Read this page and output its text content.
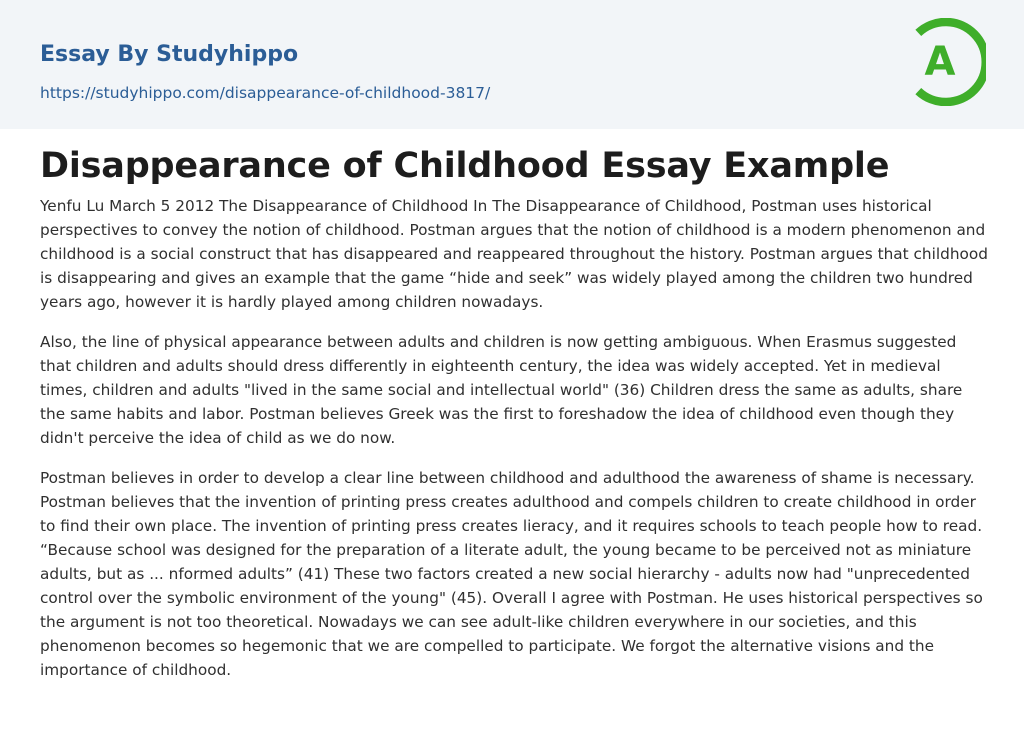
Essay By Studyhippo
https://studyhippo.com/disappearance-of-childhood-3817/
A
Disappearance of Childhood Essay Example

Yenfu Lu March 5 2012 The Disappearance of Childhood In The Disappearance of Childhood, Postman uses historical perspectives to convey the notion of childhood. Postman argues that the notion of childhood is a modern phenomenon and childhood is a social construct that has disappeared and reappeared throughout the history. Postman argues that childhood is disappearing and gives an example that the game “hide and seek” was widely played among the children two hundred years ago, however it is hardly played among children nowadays.

Also, the line of physical appearance between adults and children is now getting ambiguous. When Erasmus suggested that children and adults should dress differently in eighteenth century, the idea was widely accepted. Yet in medieval times, children and adults "lived in the same social and intellectual world" (36) Children dress the same as adults, share the same habits and labor. Postman believes Greek was the first to foreshadow the idea of childhood even though they didn't perceive the idea of child as we do now.

Postman believes in order to develop a clear line between childhood and adulthood the awareness of shame is necessary. Postman believes that the invention of printing press creates adulthood and compels children to create childhood in order to find their own place. The invention of printing press creates lieracy, and it requires schools to teach people how to read. “Because school was designed for the preparation of a literate adult, the young became to be perceived not as miniature adults, but as ... nformed adults” (41) These two factors created a new social hierarchy - adults now had "unprecedented control over the symbolic environment of the young" (45). Overall I agree with Postman. He uses historical perspectives so the argument is not too theoretical. Nowadays we can see adult-like children everywhere in our societies, and this phenomenon becomes so hegemonic that we are compelled to participate. We forgot the alternative visions and the importance of childhood.
